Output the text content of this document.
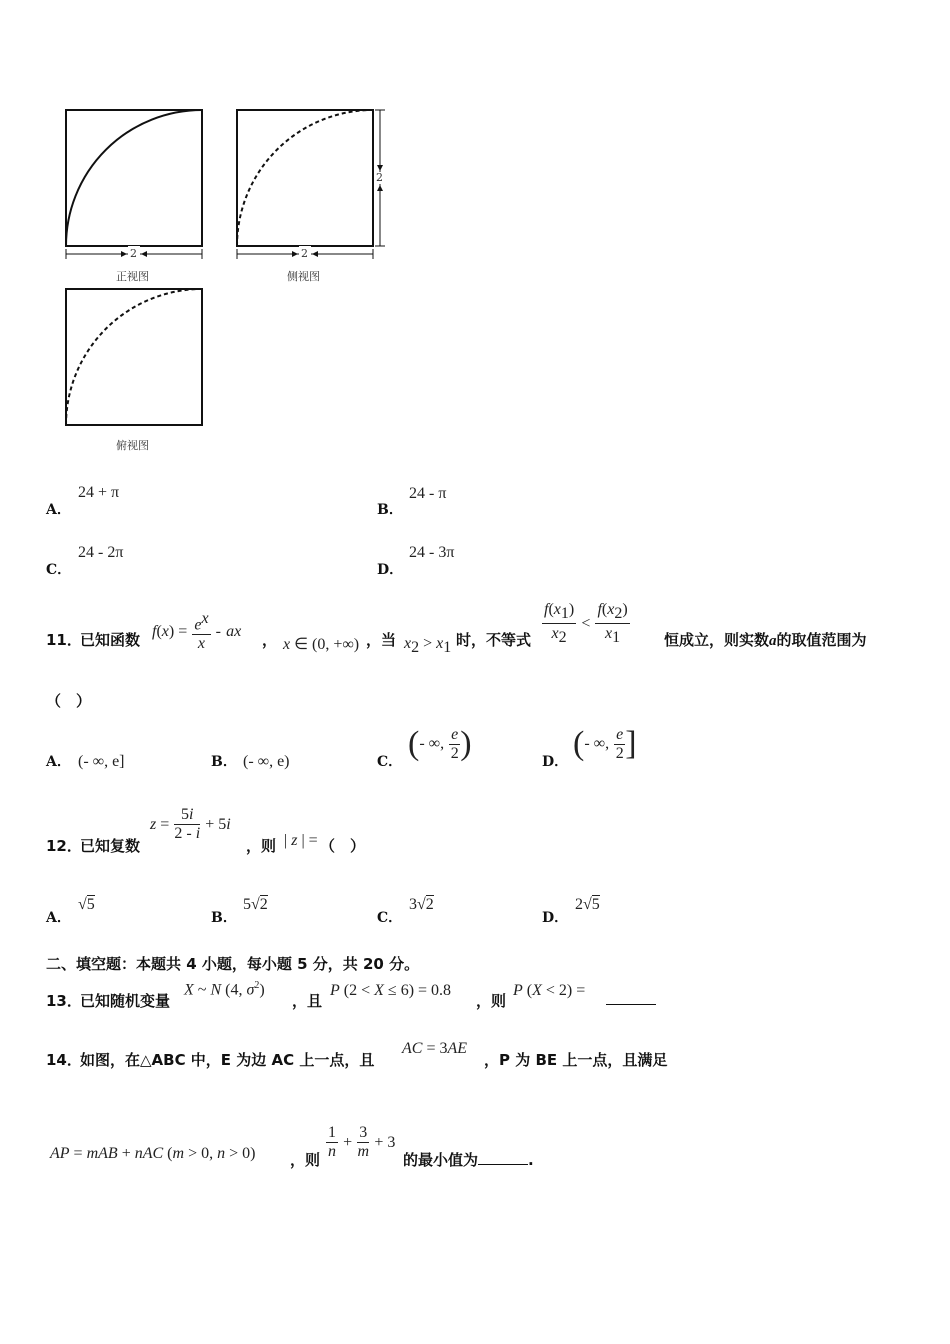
2	2
2
正视图	侧视图
俯视图
A．
24 + π
B．
24 - π
C．
24 - 2π
D．
24 - 3π
11．
已知函数 $f(x) = \frac{e^x}{x}$ - ax ， x ∈ (0, +∞) ，当 $x_2 > x_1$ 时，不等式 $\frac{f(x_1)}{x_2} < \frac{f(x_2)}{x_1}$ 恒成立，则实数a的取值范围为
（　）
A． (- ∞, e]	B． (- ∞, e)	C． (- ∞, $\frac{e}{2}$ )	D． (- ∞, $\frac{e}{2}$ ]
12．
已知复数
$z = \frac{5i}{2 - i} + 5i$
，则 | z | = （　）
A．
√5
B．
5√2
C．
3√2
D．
2√5
二、填空题：本题共 4 小题，每小题 5 分，共 20 分。
13．
已知随机变量
X ~ N (4, $\sigma^2$)
，且
P (2 < X ≤ 6) = 0.8
，则
P (X < 2) =
14．
如图，在△ABC 中，E 为边 AC 上一点，且
AC = 3AE
，P 为 BE 上一点，且满足
AP = mAB + nAC (m > 0, n > 0) ，则 $\frac{1}{n} + \frac{3}{m} + 3$
的最小值为	.
